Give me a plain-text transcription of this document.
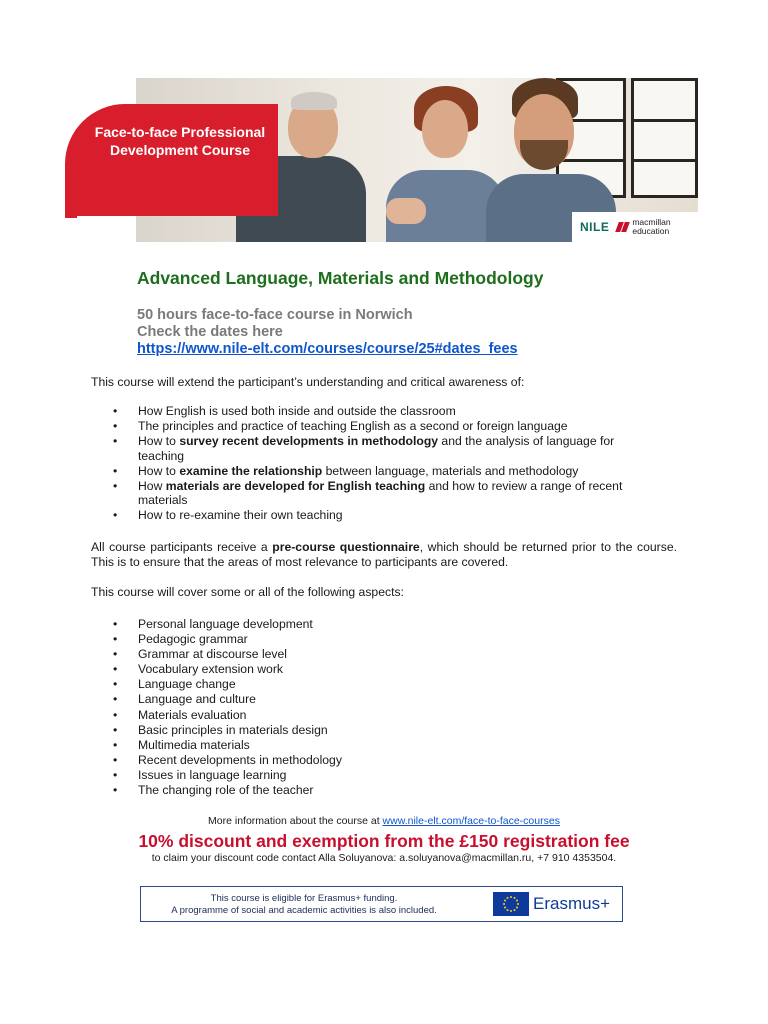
NILE	macmillan
education
Face-to-face Professional
Development Course
Advanced Language, Materials and Methodology
50 hours face-to-face course in Norwich
Check the dates here
https://www.nile-elt.com/courses/course/25#dates_fees
This course will extend the participant’s understanding and critical awareness of:
• How English is used both inside and outside the classroom
• The principles and practice of teaching English as a second or foreign language
• How to survey recent developments in methodology and the analysis of language for teaching
• How to examine the relationship between language, materials and methodology
• How materials are developed for English teaching and how to review a range of recent materials
• How to re-examine their own teaching
All course participants receive a pre-course questionnaire, which should be returned prior to the course. This is to ensure that the areas of most relevance to participants are covered.
This course will cover some or all of the following aspects:
• Personal language development
• Pedagogic grammar
• Grammar at discourse level
• Vocabulary extension work
• Language change
• Language and culture
• Materials evaluation
• Basic principles in materials design
• Multimedia materials
• Recent developments in methodology
• Issues in language learning
• The changing role of the teacher
More information about the course at www.nile-elt.com/face-to-face-courses
10% discount and exemption from the £150 registration fee
to claim your discount code contact Alla Soluyanova: a.soluyanova@macmillan.ru, +7 910 4353504.
This course is eligible for Erasmus+ funding.
A programme of social and academic activities is also included.	Erasmus+
